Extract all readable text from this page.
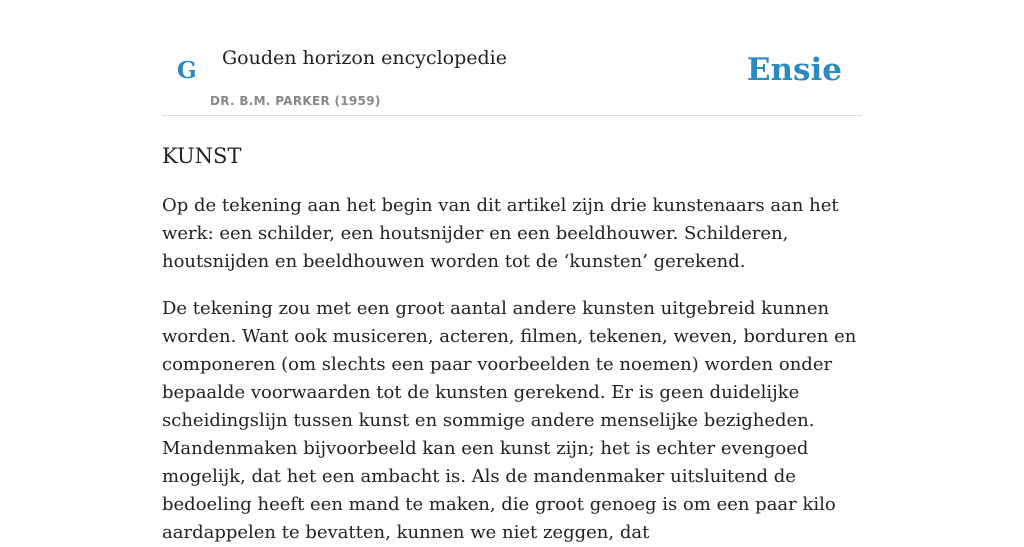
G Gouden horizon encyclopedie
DR. B.M. PARKER (1959)
Ensie
KUNST

Op de tekening aan het begin van dit artikel zijn drie kunstenaars aan het werk: een schilder, een houtsnijder en een beeldhouwer. Schilderen, houtsnijden en beeldhouwen worden tot de ‘kunsten’ gerekend.

De tekening zou met een groot aantal andere kunsten uitgebreid kunnen worden. Want ook musiceren, acteren, filmen, tekenen, weven, borduren en componeren (om slechts een paar voorbeelden te noemen) worden onder bepaalde voorwaarden tot de kunsten gerekend. Er is geen duidelijke scheidingslijn tussen kunst en sommige andere menselijke bezigheden. Mandenmaken bijvoorbeeld kan een kunst zijn; het is echter evengoed mogelijk, dat het een ambacht is. Als de mandenmaker uitsluitend de bedoeling heeft een mand te maken, die groot genoeg is om een paar kilo aardappelen te bevatten, kunnen we niet zeggen, dat
